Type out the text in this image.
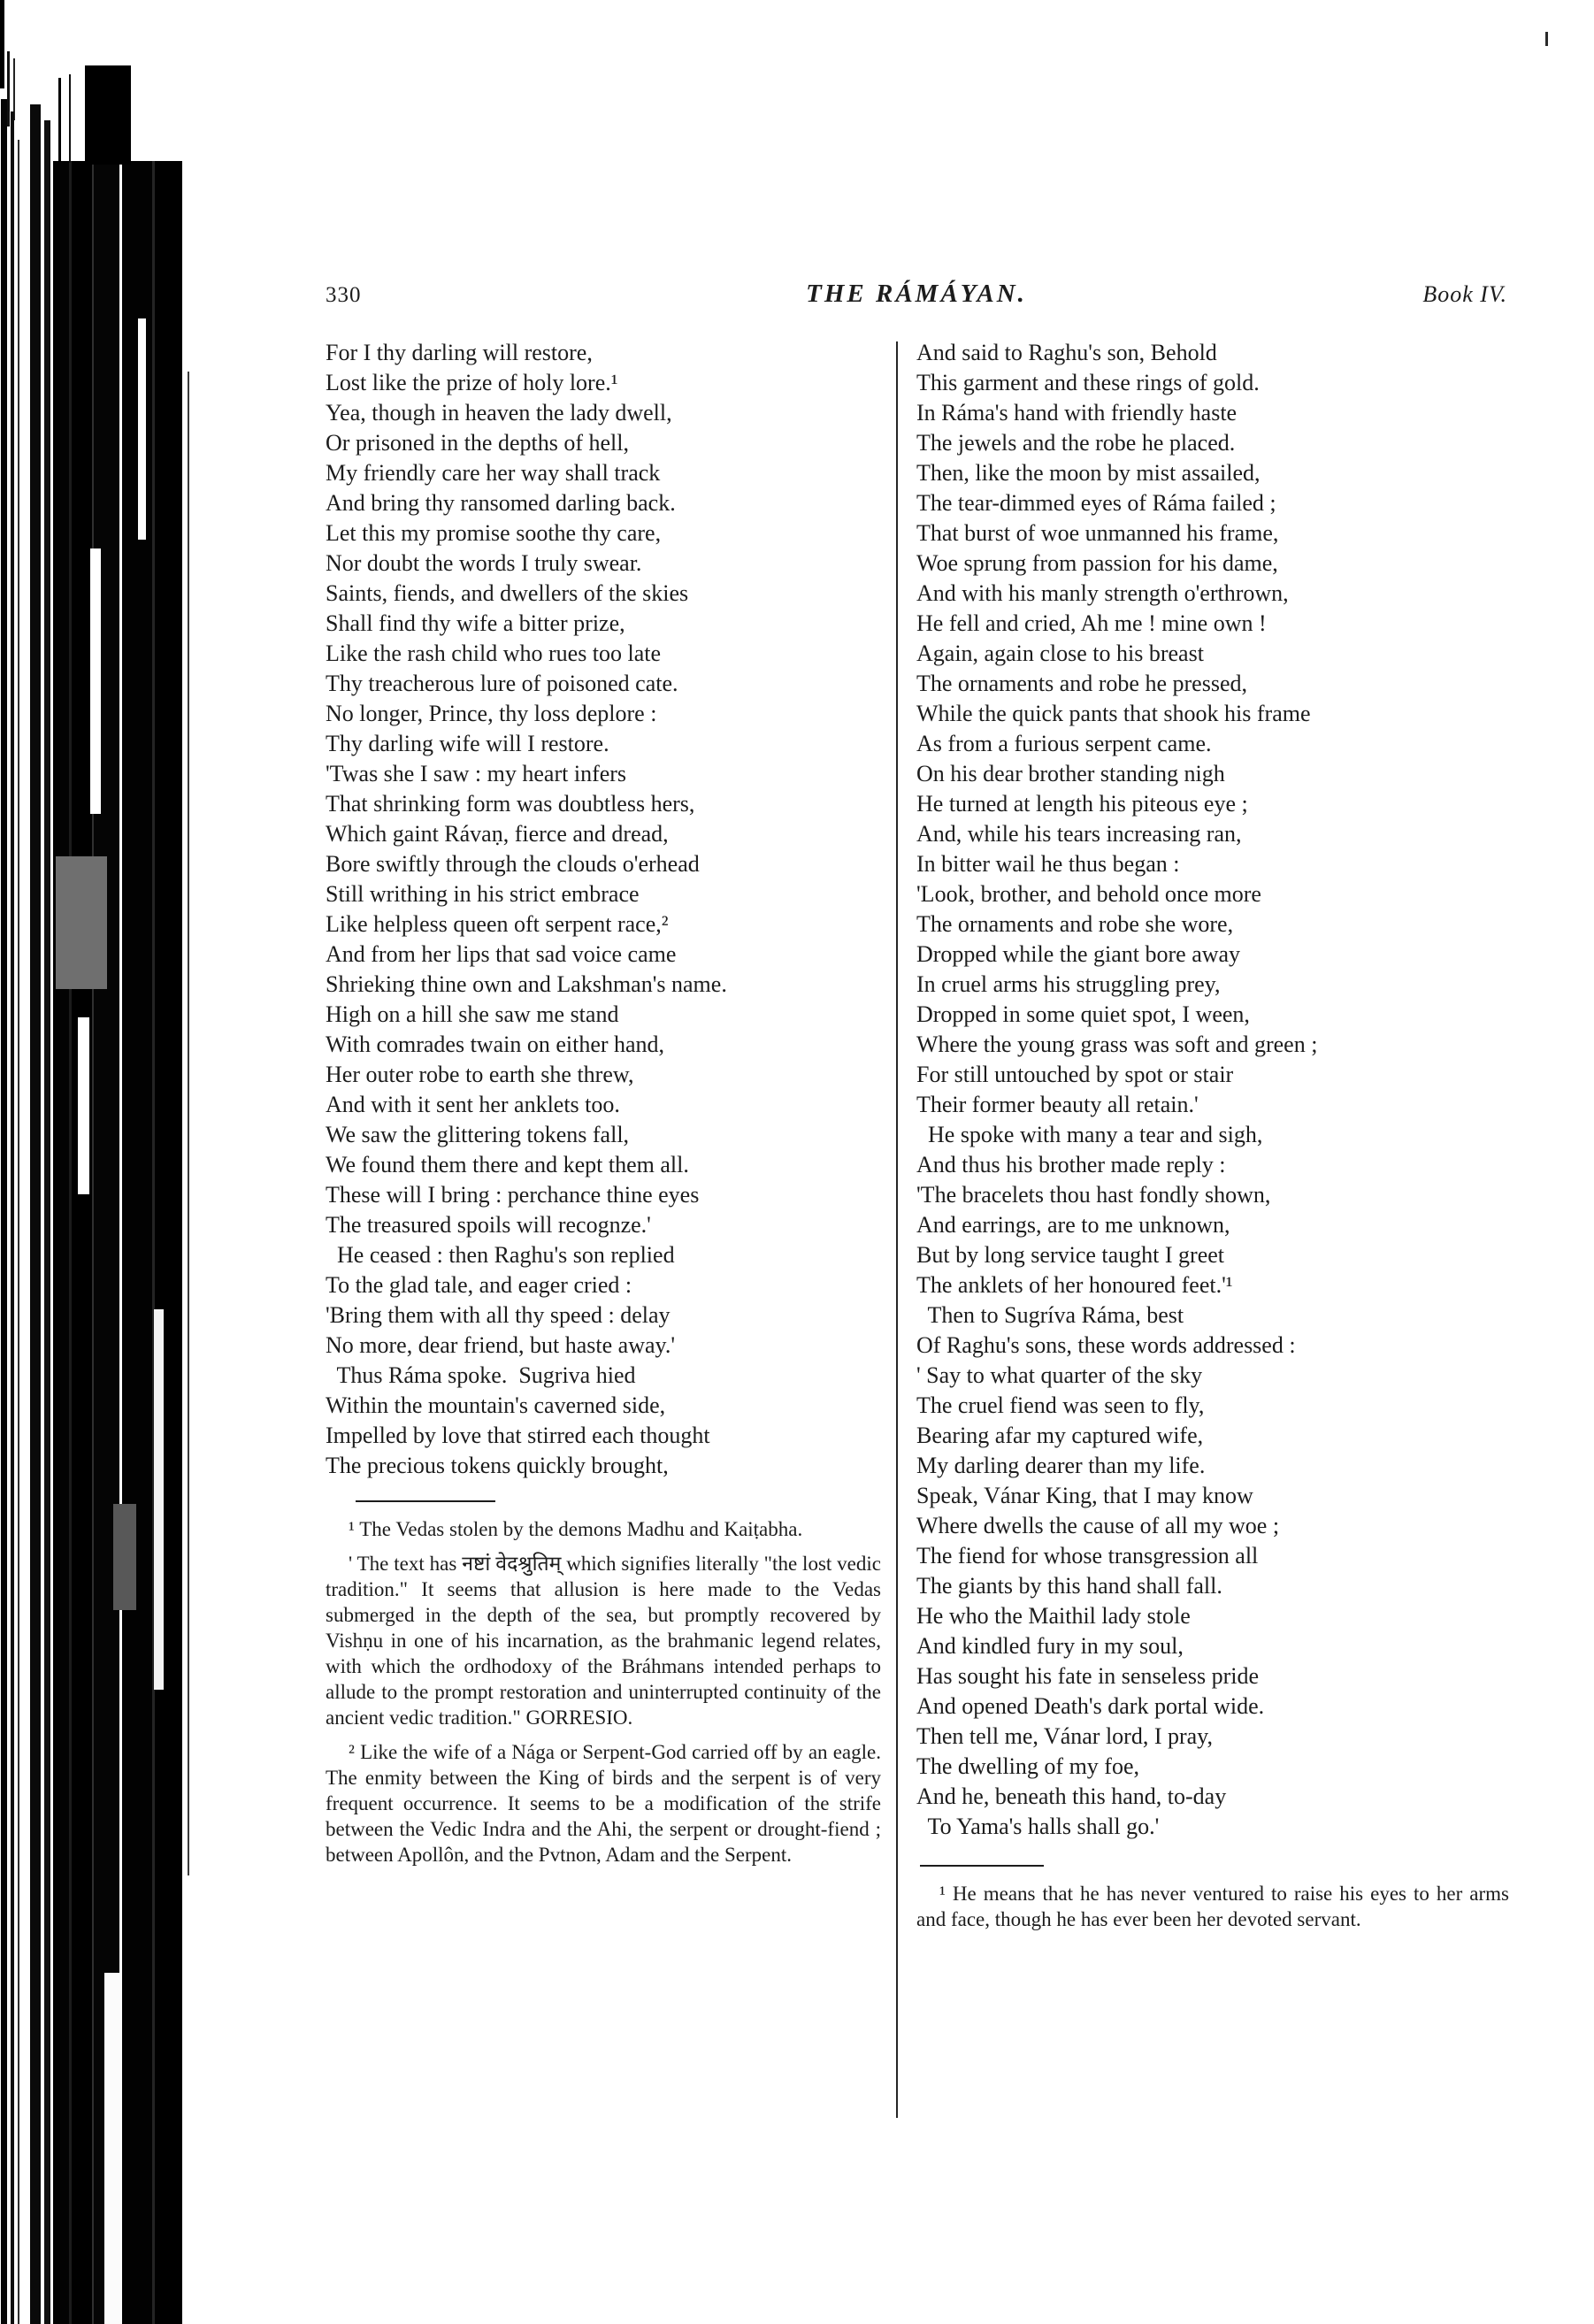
330	THE RÁMÁYAN.	Book IV.
For I thy darling will restore,
Lost like the prize of holy lore.¹
Yea, though in heaven the lady dwell,
Or prisoned in the depths of hell,
My friendly care her way shall track
And bring thy ransomed darling back.
Let this my promise soothe thy care,
Nor doubt the words I truly swear.
Saints, fiends, and dwellers of the skies
Shall find thy wife a bitter prize,
Like the rash child who rues too late
Thy treacherous lure of poisoned cate.
No longer, Prince, thy loss deplore :
Thy darling wife will I restore.
'Twas she I saw : my heart infers
That shrinking form was doubtless hers,
Which gaint Rávaṇ, fierce and dread,
Bore swiftly through the clouds o'erhead
Still writhing in his strict embrace
Like helpless queen oft serpent race,²
And from her lips that sad voice came
Shrieking thine own and Lakshman's name.
High on a hill she saw me stand
With comrades twain on either hand,
Her outer robe to earth she threw,
And with it sent her anklets too.
We saw the glittering tokens fall,
We found them there and kept them all.
These will I bring : perchance thine eyes
The treasured spoils will recognze.'
He ceased : then Raghu's son replied
To the glad tale, and eager cried :
'Bring them with all thy speed : delay
No more, dear friend, but haste away.'
Thus Ráma spoke.  Sugriva hied
Within the mountain's caverned side,
Impelled by love that stirred each thought
The precious tokens quickly brought,
¹ The Vedas stolen by the demons Madhu and Kaiṭabha.
' The text has नष्टां वेदश्रुतिम् which signifies literally "the lost vedic tradition." It seems that allusion is here made to the Vedas submerged in the depth of the sea, but promptly recovered by Vishṇu in one of his incarnation, as the brahmanic legend relates, with which the ordhodoxy of the Bráhmans intended perhaps to allude to the prompt restoration and uninterrupted continuity of the ancient vedic tradition." GORRESIO.
² Like the wife of a Nága or Serpent-God carried off by an eagle. The enmity between the King of birds and the serpent is of very frequent occurrence. It seems to be a modification of the strife between the Vedic Indra and the Ahi, the serpent or drought-fiend ; between Apollôn, and the Pvtnon, Adam and the Serpent.
And said to Raghu's son, Behold
This garment and these rings of gold.
In Ráma's hand with friendly haste
The jewels and the robe he placed.
Then, like the moon by mist assailed,
The tear-dimmed eyes of Ráma failed ;
That burst of woe unmanned his frame,
Woe sprung from passion for his dame,
And with his manly strength o'erthrown,
He fell and cried, Ah me ! mine own !
Again, again close to his breast
The ornaments and robe he pressed,
While the quick pants that shook his frame
As from a furious serpent came.
On his dear brother standing nigh
He turned at length his piteous eye ;
And, while his tears increasing ran,
In bitter wail he thus began :
'Look, brother, and behold once more
The ornaments and robe she wore,
Dropped while the giant bore away
In cruel arms his struggling prey,
Dropped in some quiet spot, I ween,
Where the young grass was soft and green ;
For still untouched by spot or stair
Their former beauty all retain.'
He spoke with many a tear and sigh,
And thus his brother made reply :
'The bracelets thou hast fondly shown,
And earrings, are to me unknown,
But by long service taught I greet
The anklets of her honoured feet.'¹
Then to Sugríva Ráma, best
Of Raghu's sons, these words addressed :
' Say to what quarter of the sky
The cruel fiend was seen to fly,
Bearing afar my captured wife,
My darling dearer than my life.
Speak, Vánar King, that I may know
Where dwells the cause of all my woe ;
The fiend for whose transgression all
The giants by this hand shall fall.
He who the Maithil lady stole
And kindled fury in my soul,
Has sought his fate in senseless pride
And opened Death's dark portal wide.
Then tell me, Vánar lord, I pray,
The dwelling of my foe,
And he, beneath this hand, to-day
To Yama's halls shall go.'
¹ He means that he has never ventured to raise his eyes to her arms and face, though he has ever been her devoted servant.
